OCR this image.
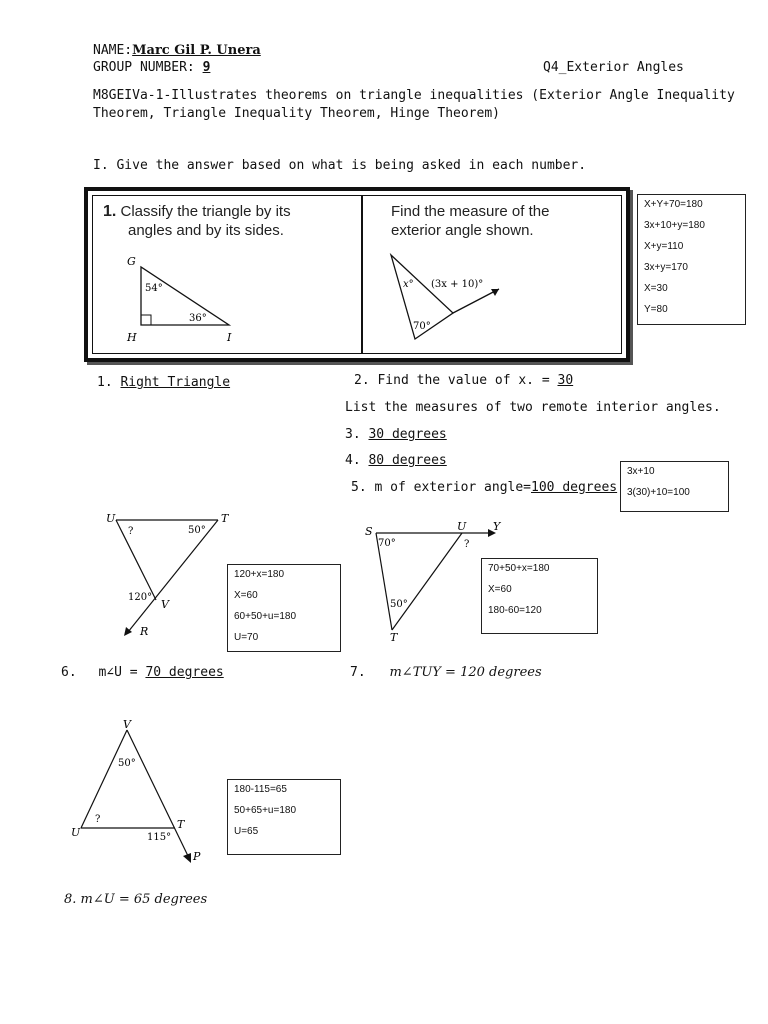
NAME:Marc Gil P. Unera
GROUP NUMBER: 9	Q4_Exterior Angles
M8GEIVa-1-Illustrates theorems on triangle inequalities (Exterior Angle Inequality
Theorem, Triangle Inequality Theorem, Hinge Theorem)
I. Give the answer based on what is being asked in each number.
1. Classify the triangle by its
angles and by its sides.
G
H	I
54°
36°
Find the measure of the
exterior angle shown.
x° (3x + 10)°
70°
X+Y+70=180
3x+10+y=180
X+y=110
3x+y=170
X=30
Y=80
1. Right Triangle	2. Find the value of x. = 30
List the measures of two remote interior angles.
3. 30 degrees
4. 80 degrees
5. m of exterior angle=100 degrees
3x+10
3(30)+10=100
U	T
?	50°
120°
V
R
120+x=180
X=60
60+50+u=180
U=70
S	U Y
70°	?
50°
T
70+50+x=180
X=60
180-60=120
6. m∠U = 70 degrees	7. m∠TUY = 120 degrees
V
50°
?
U	115°
T
P
180-115=65
50+65+u=180
U=65
8. m∠U = 65 degrees
